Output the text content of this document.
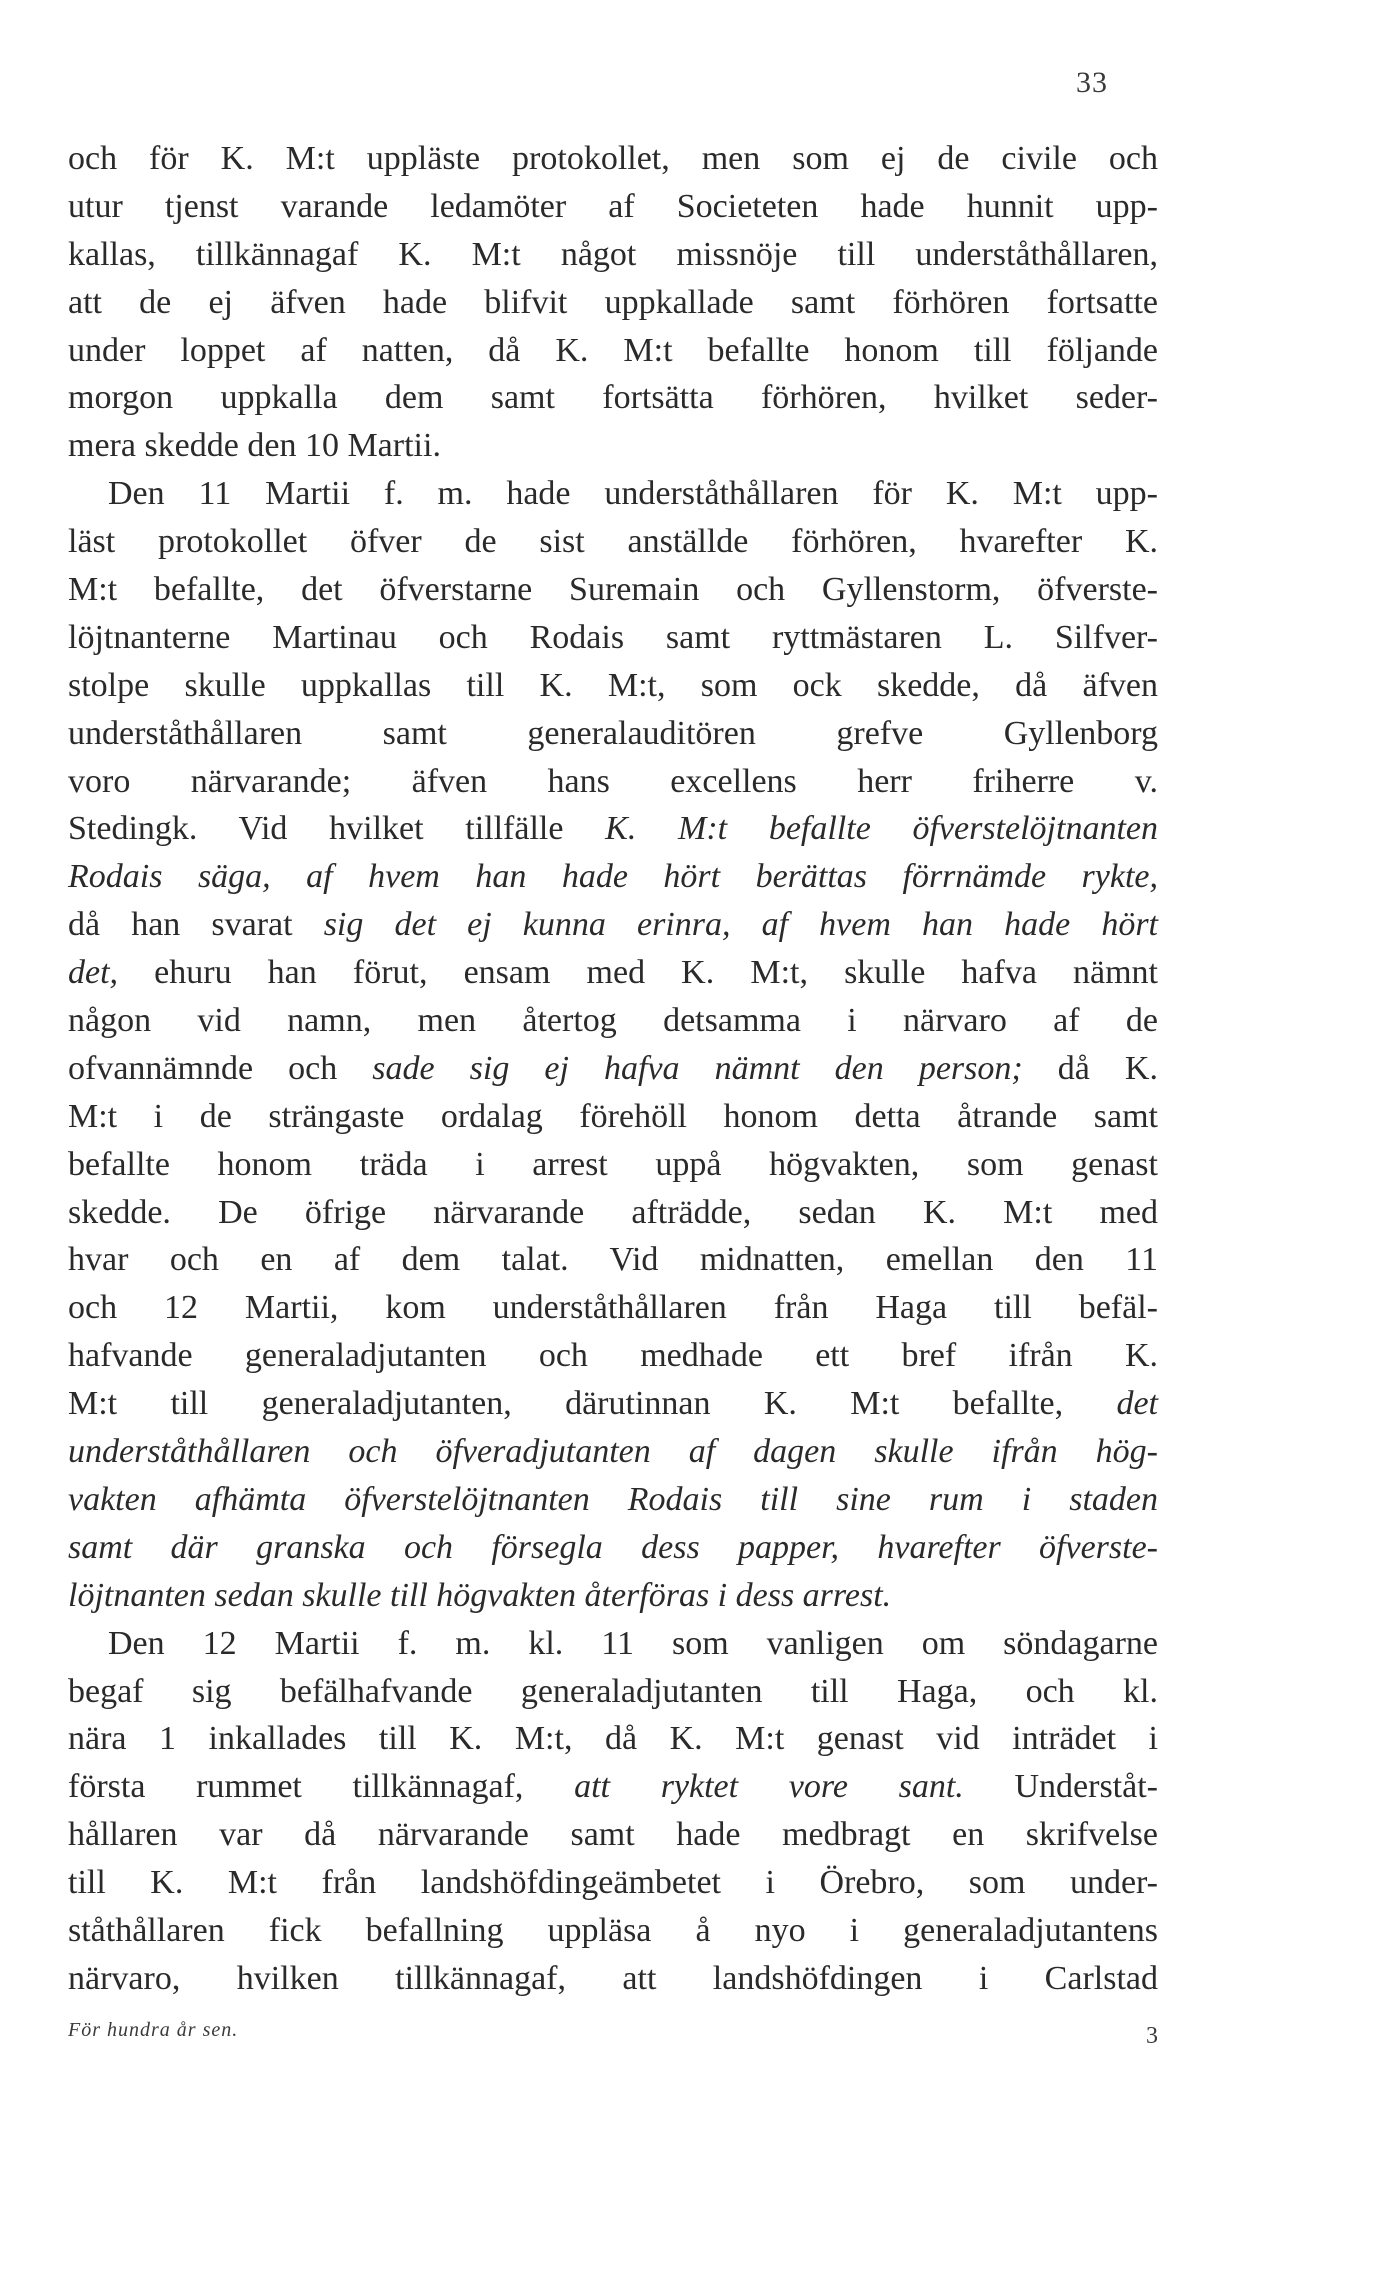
33
och för K. M:t uppläste protokollet, men som ej de civile och
utur tjenst varande ledamöter af Societeten hade hunnit upp-
kallas, tillkännagaf K. M:t något missnöje till underståthållaren,
att de ej äfven hade blifvit uppkallade samt förhören fortsatte
under loppet af natten, då K. M:t befallte honom till följande
morgon uppkalla dem samt fortsätta förhören, hvilket seder-
mera skedde den 10 Martii.
Den 11 Martii f. m. hade underståthållaren för K. M:t upp-
läst protokollet öfver de sist anställde förhören, hvarefter K.
M:t befallte, det öfverstarne Suremain och Gyllenstorm, öfverste-
löjtnanterne Martinau och Rodais samt ryttmästaren L. Silfver-
stolpe skulle uppkallas till K. M:t, som ock skedde, då äfven
underståthållaren samt generalauditören grefve Gyllenborg
voro närvarande; äfven hans excellens herr friherre v.
Stedingk. Vid hvilket tillfälle K. M:t befallte öfverstelöjtnanten
Rodais säga, af hvem han hade hört berättas förrnämde rykte,
då han svarat sig det ej kunna erinra, af hvem han hade hört
det, ehuru han förut, ensam med K. M:t, skulle hafva nämnt
någon vid namn, men återtog detsamma i närvaro af de
ofvannämnde och sade sig ej hafva nämnt den person; då K.
M:t i de strängaste ordalag förehöll honom detta åtrande samt
befallte honom träda i arrest uppå högvakten, som genast
skedde. De öfrige närvarande afträdde, sedan K. M:t med
hvar och en af dem talat. Vid midnatten, emellan den 11
och 12 Martii, kom underståthållaren från Haga till befäl-
hafvande generaladjutanten och medhade ett bref ifrån K.
M:t till generaladjutanten, därutinnan K. M:t befallte, det
underståthållaren och öfveradjutanten af dagen skulle ifrån hög-
vakten afhämta öfverstelöjtnanten Rodais till sine rum i staden
samt där granska och försegla dess papper, hvarefter öfverste-
löjtnanten sedan skulle till högvakten återföras i dess arrest.
Den 12 Martii f. m. kl. 11 som vanligen om söndagarne
begaf sig befälhafvande generaladjutanten till Haga, och kl.
nära 1 inkallades till K. M:t, då K. M:t genast vid inträdet i
första rummet tillkännagaf, att ryktet vore sant. Underståt-
hållaren var då närvarande samt hade medbragt en skrifvelse
till K. M:t från landshöfdingeämbetet i Örebro, som under-
ståthållaren fick befallning uppläsa å nyo i generaladjutantens
närvaro, hvilken tillkännagaf, att landshöfdingen i Carlstad
För hundra år sen.	3
